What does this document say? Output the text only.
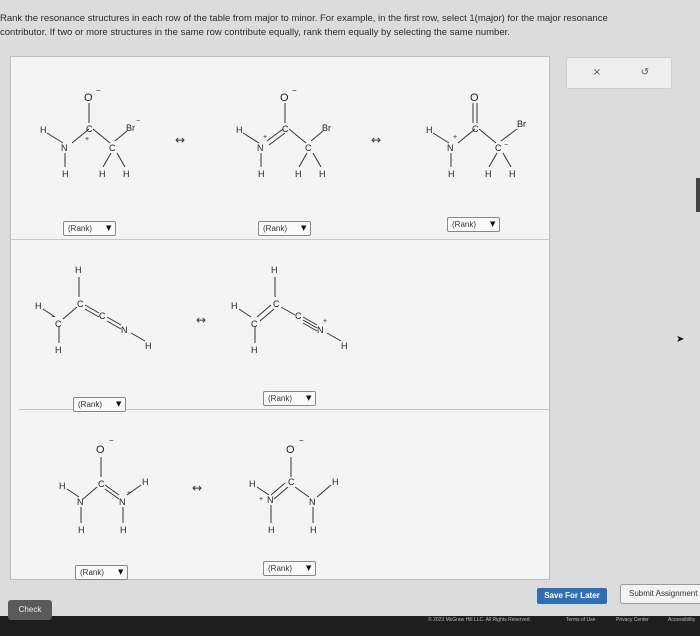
Rank the resonance structures in each row of the table from major to minor. For example, in the first row, select 1(major) for the major resonance

contributor. If two or more structures in the same row contribute equally, rank them equally by selecting the same number.

O
−
C
+
C
Br
−
N
H
H	H H
↔
O
−
C
C
Br
N
+
H
H	H H
↔
O
C
C −
Br
N
+
H
H	H H
(Rank) ▼	(Rank) ▼	(Rank) ▼
H
C
C
−	C
N
H
H	H
↔
H
C
C
C
N
+
H
H	H
(Rank) ▼
(Rank) ▼
O
−
C
N	N
+
H	H
H	H
↔
O
−
C
N
+	N
H	H
H	H
(Rank) ▼	(Rank) ▼
×	↺
➤
Save For Later	Submit Assignment
Check
© 2023 McGraw Hill LLC. All Rights Reserved.	Terms of Use	Privacy Center	Accessibility
